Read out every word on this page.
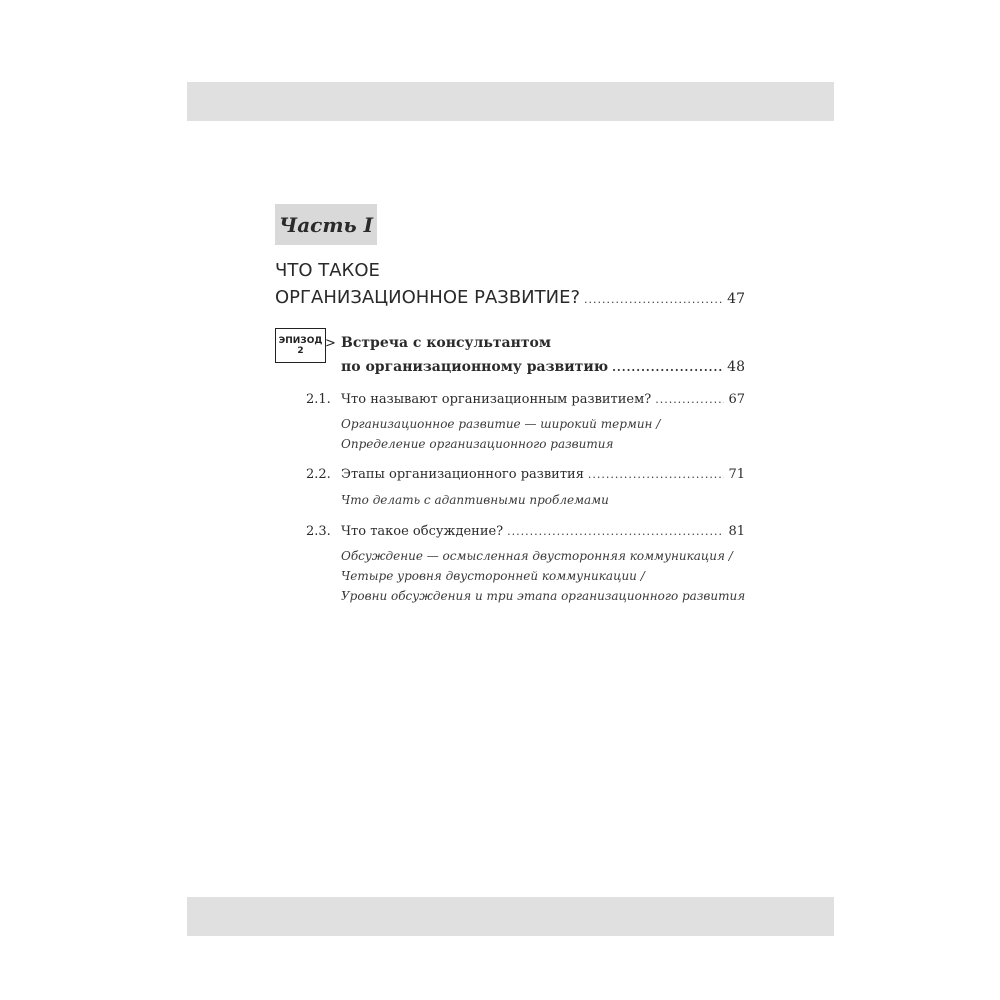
Часть I
ЧТО ТАКОЕ
ОРГАНИЗАЦИОННОЕ РАЗВИТИЕ? .....	47
ЭПИЗОД
2 > Встреча с консультантом
по организационному развитию .....	48
2.1. Что называют организационным развитием? .....	67
Организационное развитие — широкий термин /
Определение организационного развития
2.2. Этапы организационного развития .....	71
Что делать с адаптивными проблемами
2.3. Что такое обсуждение? .....	81
Обсуждение — осмысленная двусторонняя коммуникация /
Четыре уровня двусторонней коммуникации /
Уровни обсуждения и три этапа организационного развития
